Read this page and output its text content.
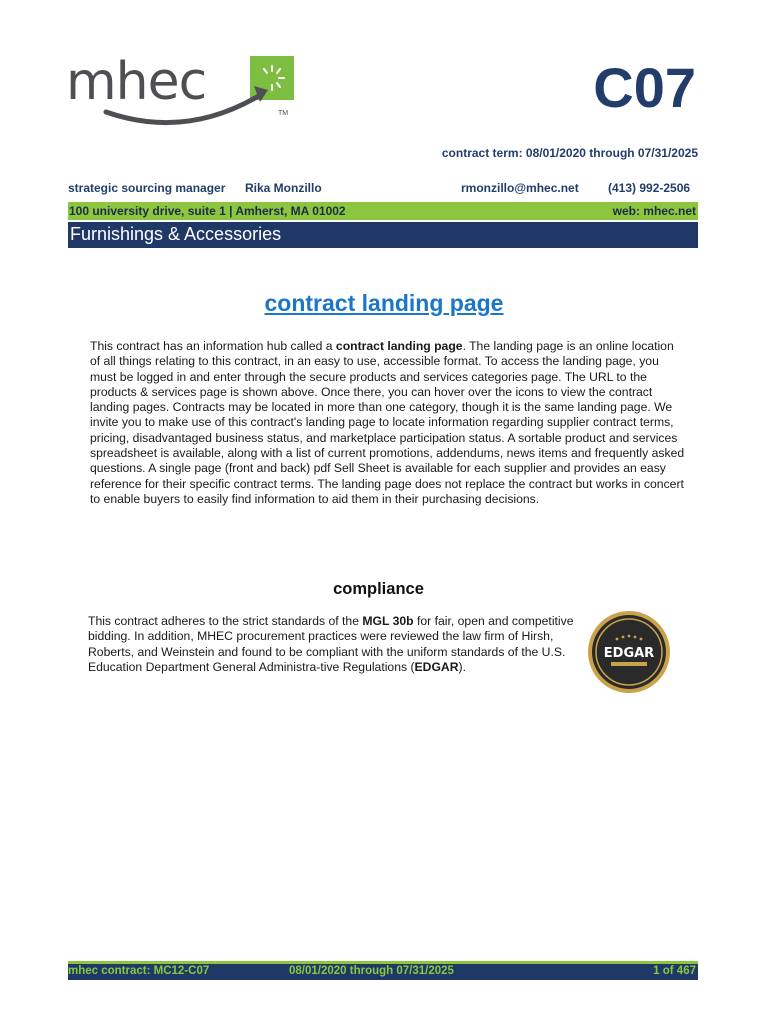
mhec
TM	C07
contract term: 08/01/2020 through 07/31/2025
strategic sourcing manager Rika Monzillo	rmonzillo@mhec.net (413) 992-2506
100 university drive, suite 1 | Amherst, MA 01002	web: mhec.net
Furnishings & Accessories
contract landing page
This contract has an information hub called a contract landing page. The landing page is an online location of all things relating to this contract, in an easy to use, accessible format. To access the landing page, you must be logged in and enter through the secure products and services categories page. The URL to the products & services page is shown above. Once there, you can hover over the icons to view the contract landing pages. Contracts may be located in more than one category, though it is the same landing page. We invite you to make use of this contract's landing page to locate information regarding supplier contract terms, pricing, disadvantaged business status, and marketplace participation status. A sortable product and services spreadsheet is available, along with a list of current promotions, addendums, news items and frequently asked questions. A single page (front and back) pdf Sell Sheet is available for each supplier and provides an easy reference for their specific contract terms. The landing page does not replace the contract but works in concert to enable buyers to easily find information to aid them in their purchasing decisions.
compliance
This contract adheres to the strict standards of the MGL 30b for fair, open and competitive bidding. In addition, MHEC procurement practices were reviewed the law firm of Hirsh, Roberts, and Weinstein and found to be compliant with the uniform standards of the U.S. Education Department General Administra-tive Regulations (EDGAR).
EDGAR
mhec contract: MC12-C07	08/01/2020 through 07/31/2025	1 of 467
